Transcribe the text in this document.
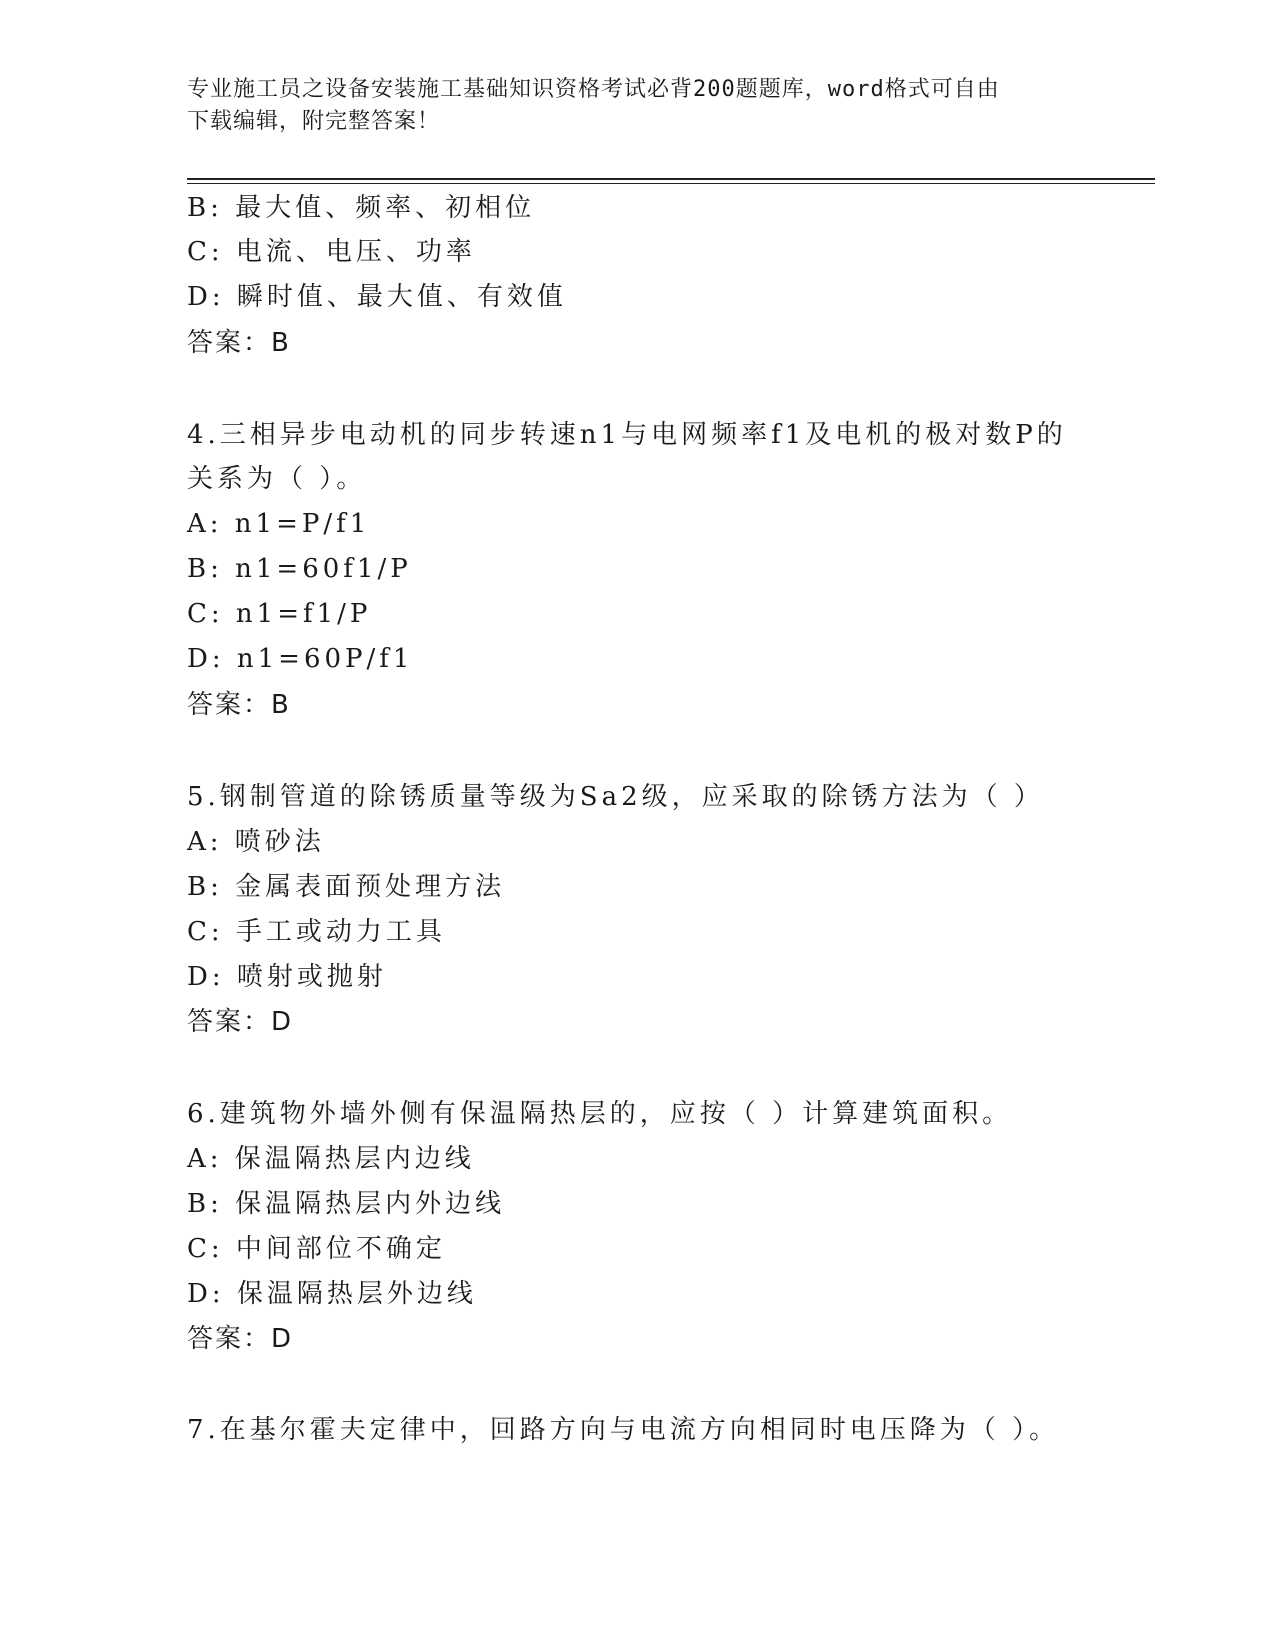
专业施工员之设备安装施工基础知识资格考试必背200题题库，word格式可自由
下载编辑，附完整答案！
B: 最大值、频率、初相位
C: 电流、电压、功率
D: 瞬时值、最大值、有效值
答案：B
4.三相异步电动机的同步转速n1与电网频率f1及电机的极对数P的
关系为（ ）。
A: n1=P/f1
B: n1=60f1/P
C: n1=f1/P
D: n1=60P/f1
答案：B
5.钢制管道的除锈质量等级为Sa2级，应采取的除锈方法为（ ）
A: 喷砂法
B: 金属表面预处理方法
C: 手工或动力工具
D: 喷射或抛射
答案：D
6.建筑物外墙外侧有保温隔热层的，应按（ ）计算建筑面积。
A: 保温隔热层内边线
B: 保温隔热层内外边线
C: 中间部位不确定
D: 保温隔热层外边线
答案：D
7.在基尔霍夫定律中，回路方向与电流方向相同时电压降为（ ）。
